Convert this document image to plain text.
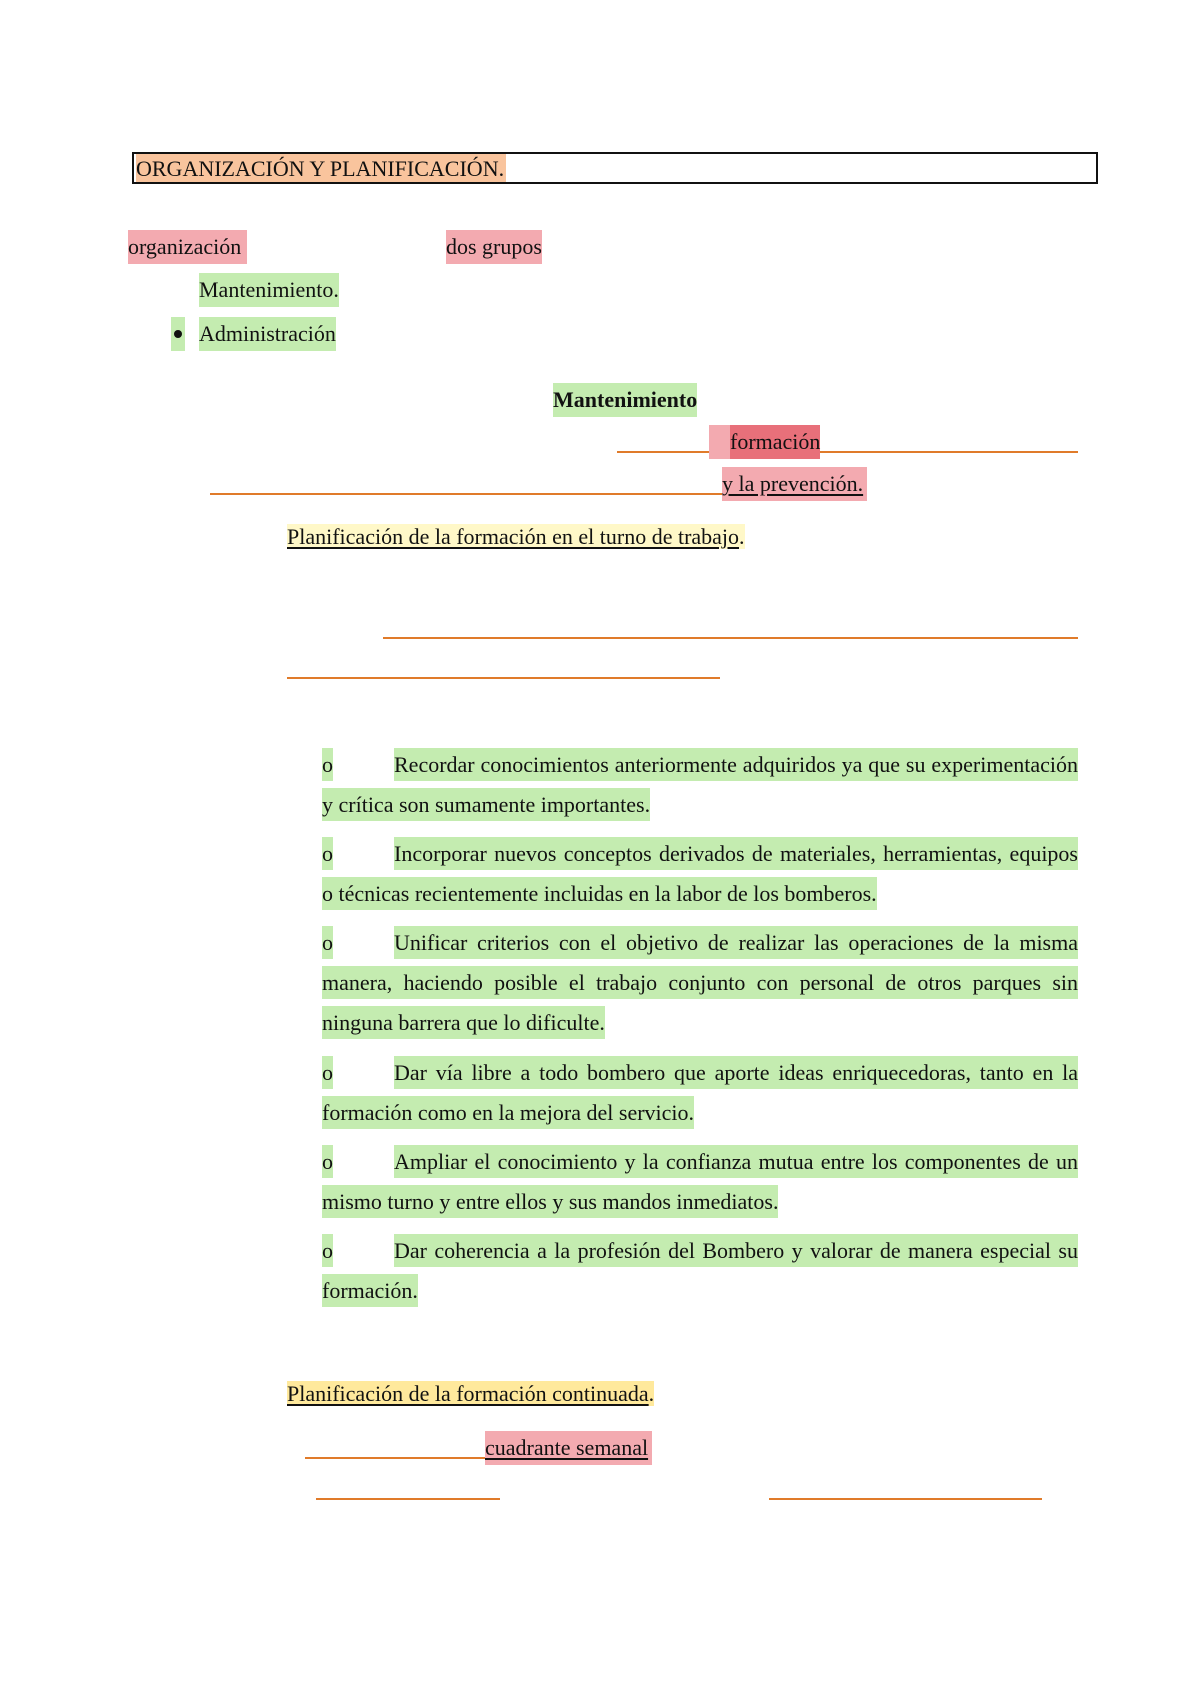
ORGANIZACIÓN Y PLANIFICACIÓN.
organización	dos grupos
Mantenimiento.
Administración
Mantenimiento
formación
y la prevención.
Planificación de la formación en el turno de trabajo.
o	Recordar conocimientos anteriormente adquiridos ya que su experimentación y crítica son sumamente importantes.
o	Incorporar nuevos conceptos derivados de materiales, herramientas, equipos o técnicas recientemente incluidas en la labor de los bomberos.
o	Unificar criterios con el objetivo de realizar las operaciones de la misma manera, haciendo posible el trabajo conjunto con personal de otros parques sin ninguna barrera que lo dificulte.
o	Dar vía libre a todo bombero que aporte ideas enriquecedoras, tanto en la formación como en la mejora del servicio.
o	Ampliar el conocimiento y la confianza mutua entre los componentes de un mismo turno y entre ellos y sus mandos inmediatos.
o	Dar coherencia a la profesión del Bombero y valorar de manera especial su formación.
Planificación de la formación continuada.
cuadrante semanal
